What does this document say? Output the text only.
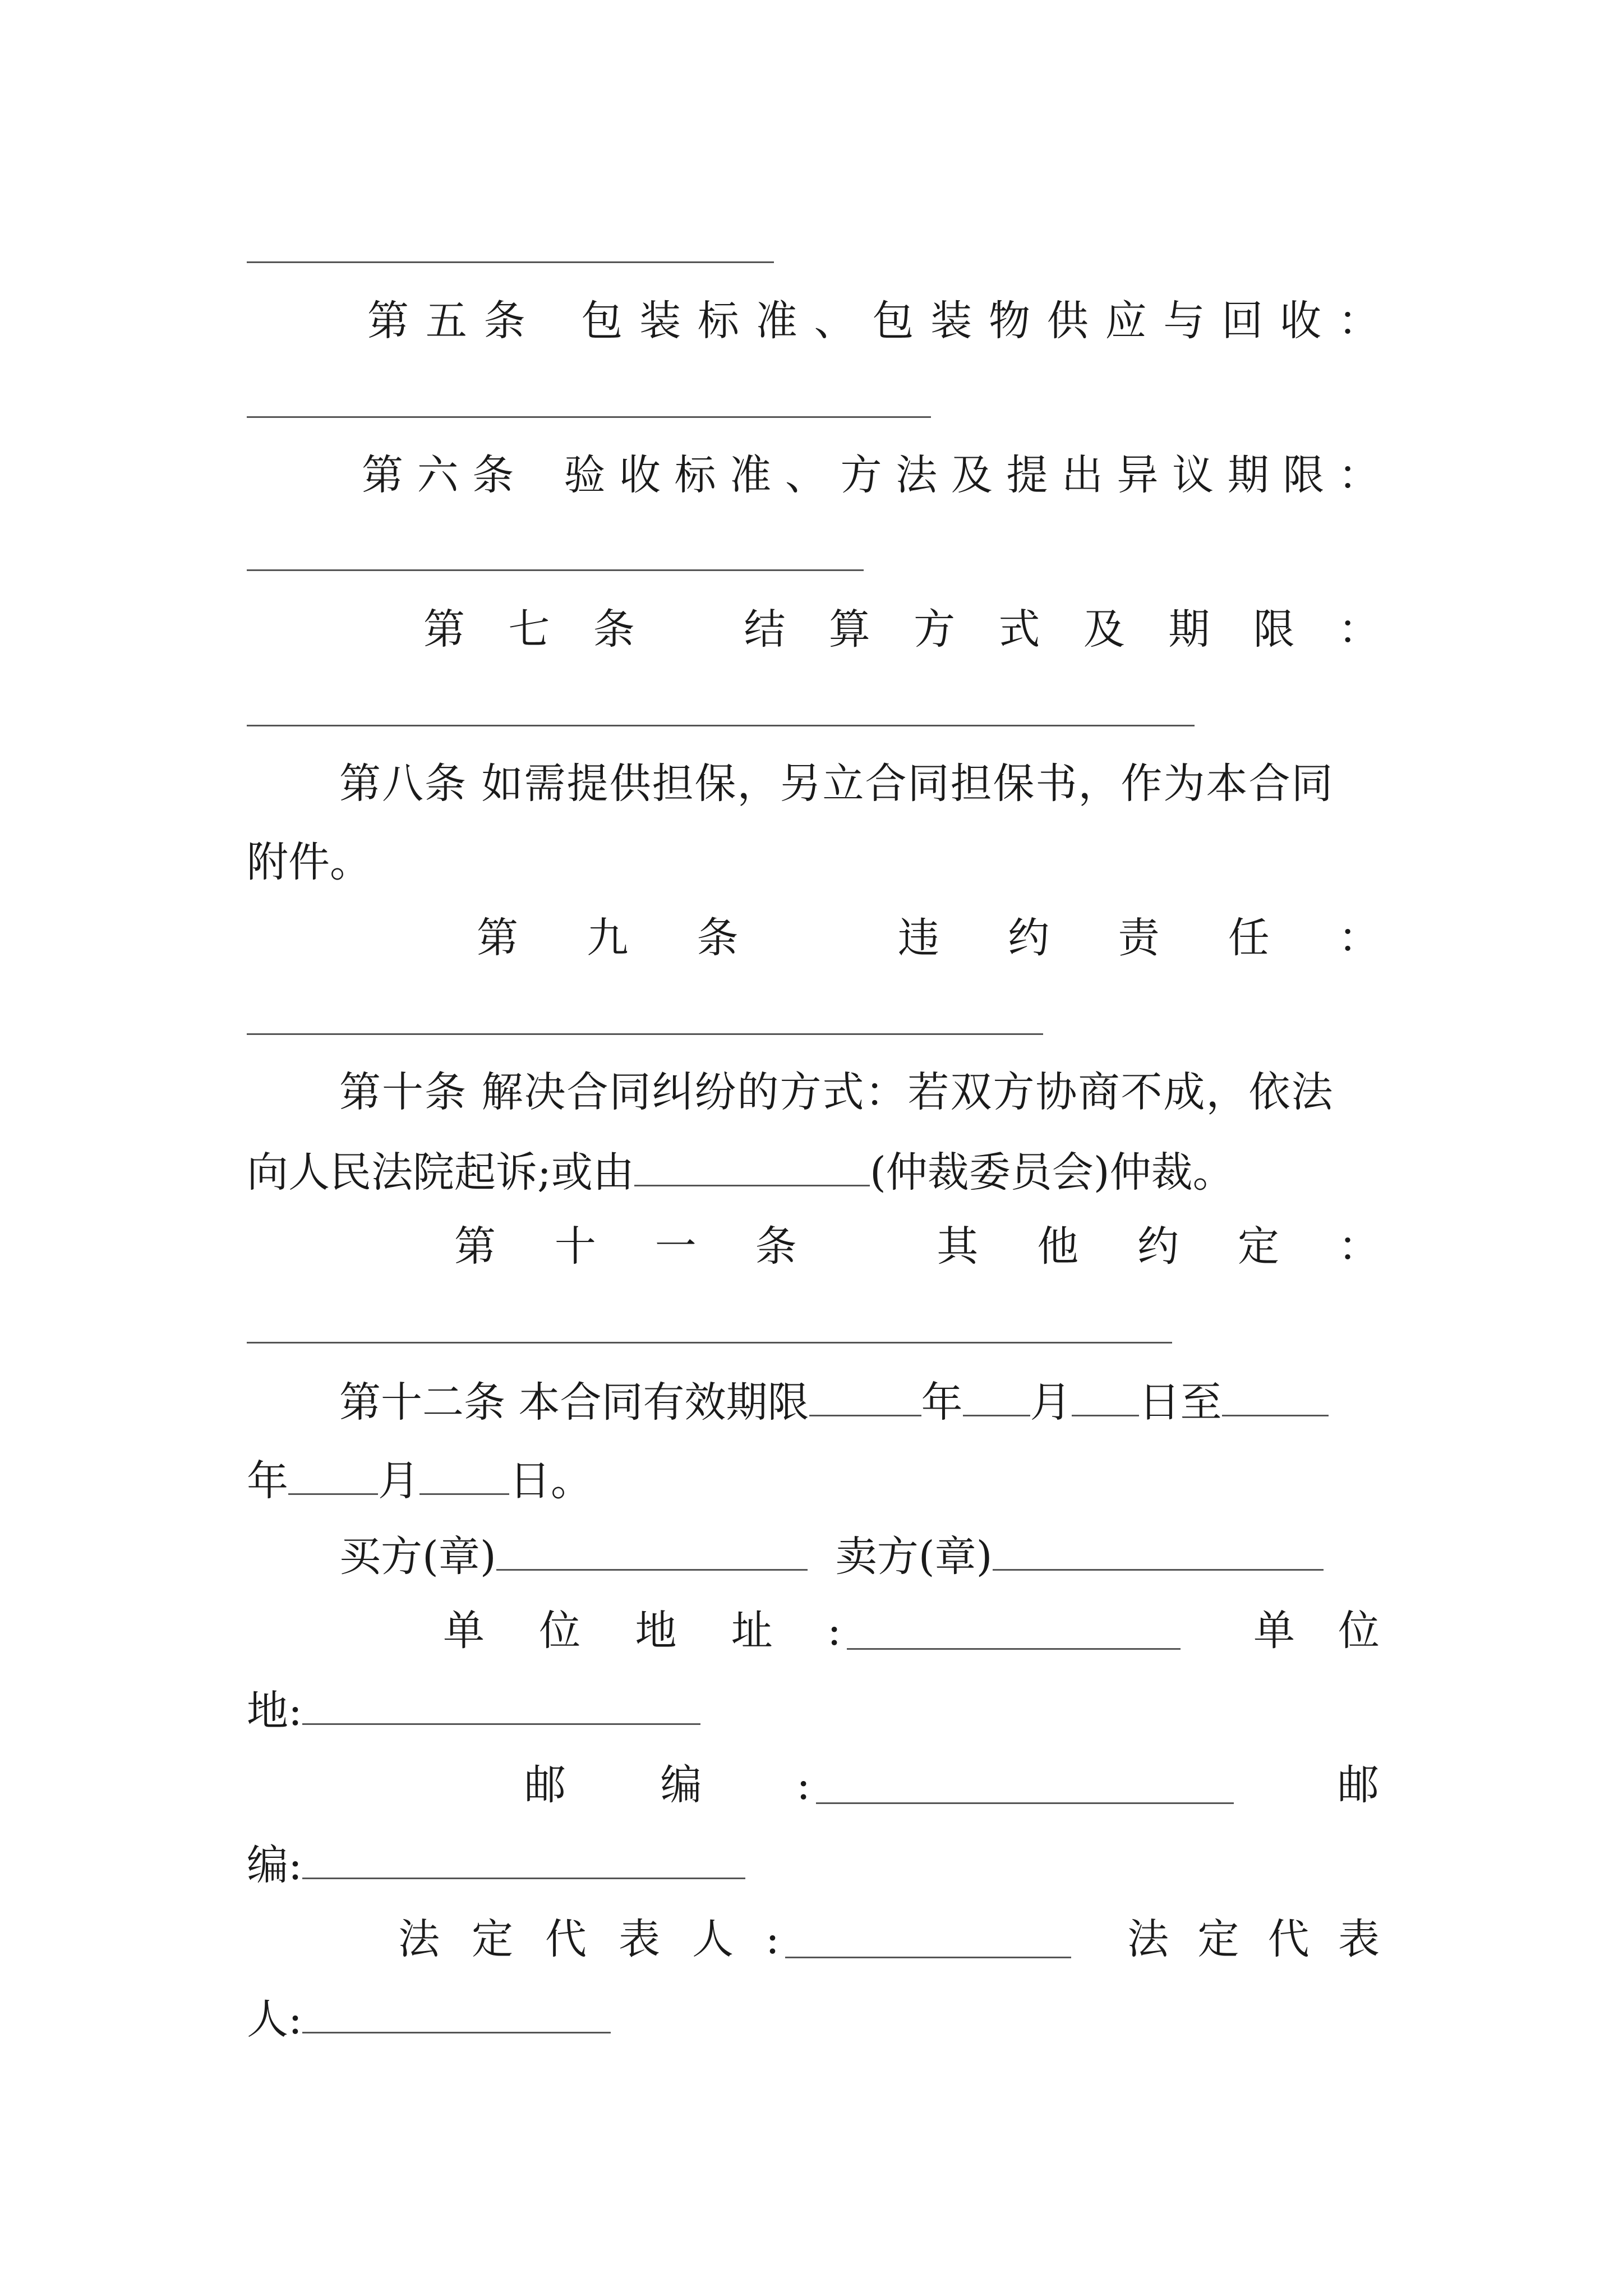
第 五 条 包 装 标 准 、 包 装 物 供 应 与 回 收 ：
第 六 条 验 收 标 准 、 方 法 及 提 出 异 议 期 限 ：
第 七 条	结 算 方 式 及 期 限 ：
第八条 如需提供担保，另立合同担保书，作为本合同
附件。
第 九 条	违 约 责 任 ：
第十条 解决合同纠纷的方式：若双方协商不成，依法
向人民法院起诉;或由	(仲裁委员会)仲裁。
第 十 一 条	其 他 约 定 ：
第十二条 本合同有效期限	年 月 日至
年 月 日。
买方(章)	卖方(章)
单 位 地 址 :	单 位
地:
邮 编 :	邮
编:
法 定 代 表 人 :	法 定 代 表
人:
